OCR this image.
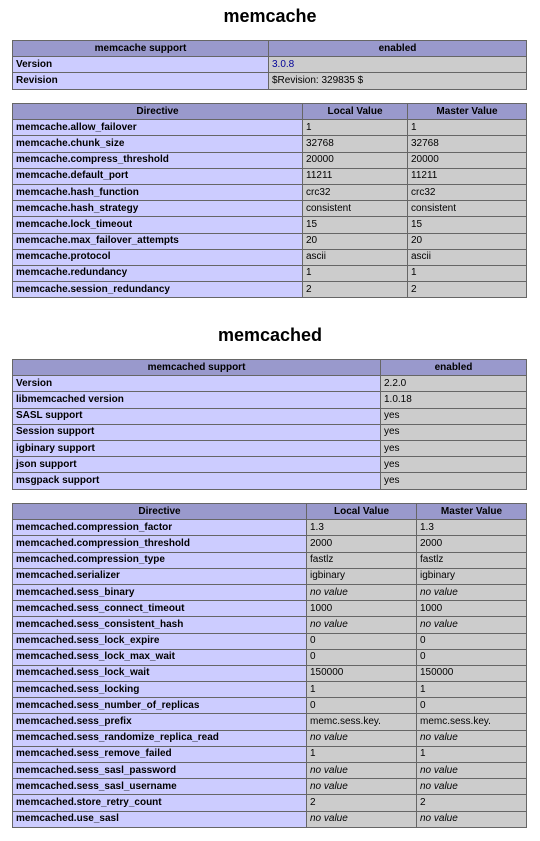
memcache
memcache support	enabled
Version	3.0.8
Revision	$Revision: 329835 $
Directive	Local Value	Master Value
memcache.allow_failover	1	1
memcache.chunk_size	32768	32768
memcache.compress_threshold	20000	20000
memcache.default_port	11211	11211
memcache.hash_function	crc32	crc32
memcache.hash_strategy	consistent	consistent
memcache.lock_timeout	15	15
memcache.max_failover_attempts	20	20
memcache.protocol	ascii	ascii
memcache.redundancy	1	1
memcache.session_redundancy	2	2
memcached
memcached support	enabled
Version	2.2.0
libmemcached version	1.0.18
SASL support	yes
Session support	yes
igbinary support	yes
json support	yes
msgpack support	yes
Directive	Local Value	Master Value
memcached.compression_factor	1.3	1.3
memcached.compression_threshold	2000	2000
memcached.compression_type	fastlz	fastlz
memcached.serializer	igbinary	igbinary
memcached.sess_binary	no value	no value
memcached.sess_connect_timeout	1000	1000
memcached.sess_consistent_hash	no value	no value
memcached.sess_lock_expire	0	0
memcached.sess_lock_max_wait	0	0
memcached.sess_lock_wait	150000	150000
memcached.sess_locking	1	1
memcached.sess_number_of_replicas	0	0
memcached.sess_prefix	memc.sess.key.	memc.sess.key.
memcached.sess_randomize_replica_read	no value	no value
memcached.sess_remove_failed	1	1
memcached.sess_sasl_password	no value	no value
memcached.sess_sasl_username	no value	no value
memcached.store_retry_count	2	2
memcached.use_sasl	no value	no value
